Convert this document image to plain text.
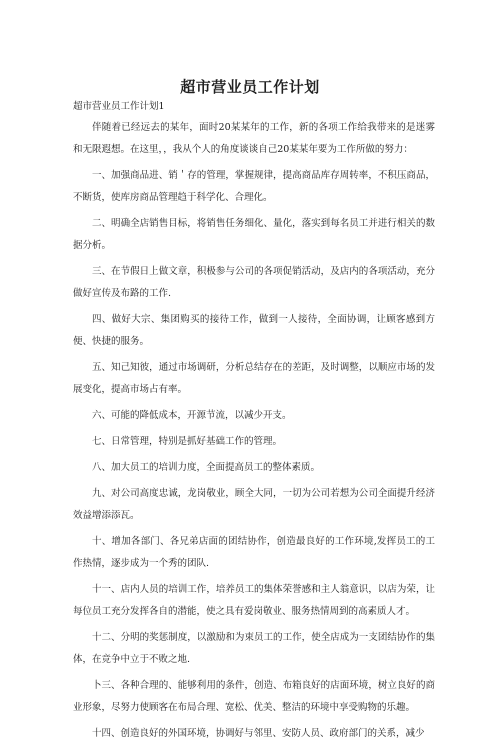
超市营业员工作计划
超市营业员工作计划1

伴随着已经远去的某年，面时20某某年的工作，新的各项工作给我带来的是迷雾和无限遐想。在这里，，我从个人的角度谈谈自己20某某年要为工作所做的努力：

一、加强商品进、销＇存的管理，掌握规律，提高商品库存周转率，不积压商品，不断货，使库房商品管理趋于科学化、合理化。

二、明确全店销售目标，将销售任务细化、量化，落实到每名员工并进行相关的数据分析。

三、在节假日上做文章，积极参与公司的各项促销活动，及店内的各项活动，充分做好宣传及布路的工作.

四、做好大宗、集团购买的接待工作，做到一人接待，全面协调，让顾客感到方便、快捷的服务。

五、知己知彼，通过市场调研，分析总结存在的差距，及时调整，以顺应市场的发展变化，提高市场占有率。

六、可能的降低成本，开源节流，以减少开支。

七、日常管理，特别是抓好基础工作的管理。

八、加大员工的培训力度，全面提高员工的整体素质。

九、对公司高度忠诚，龙岗敬业，顾全大同，一切为公司若想为公司全面提升经济效益增添添瓦。

十、增加各部门、各兄弟店面的团结协作，创造最良好的工作环境,发挥员工的工作热情，逐步成为一个秀的团队.

十一、店内人员的培训工作，培养员工的集体荣誉感和主人翁意识，以店为荣，让每位员工充分发挥各自的潜能，使之具有爱岗敬业、服务热情周到的高素质人才。

十二、分明的奖惩制度，以激励和为束员工的工作，使全店成为一支团结协作的集体，在竞争中立于不败之地.

卜三、各种合理的、能够利用的条件，创造、布箱良好的店面环境，树立良好的商业形象，尽努力使顾客在布局合理、宽松、优美、整洁的环境中享受购物的乐趣。

十四、创造良好的外国环境，协调好与邻里、安防人员、政府部门的关系，减少
